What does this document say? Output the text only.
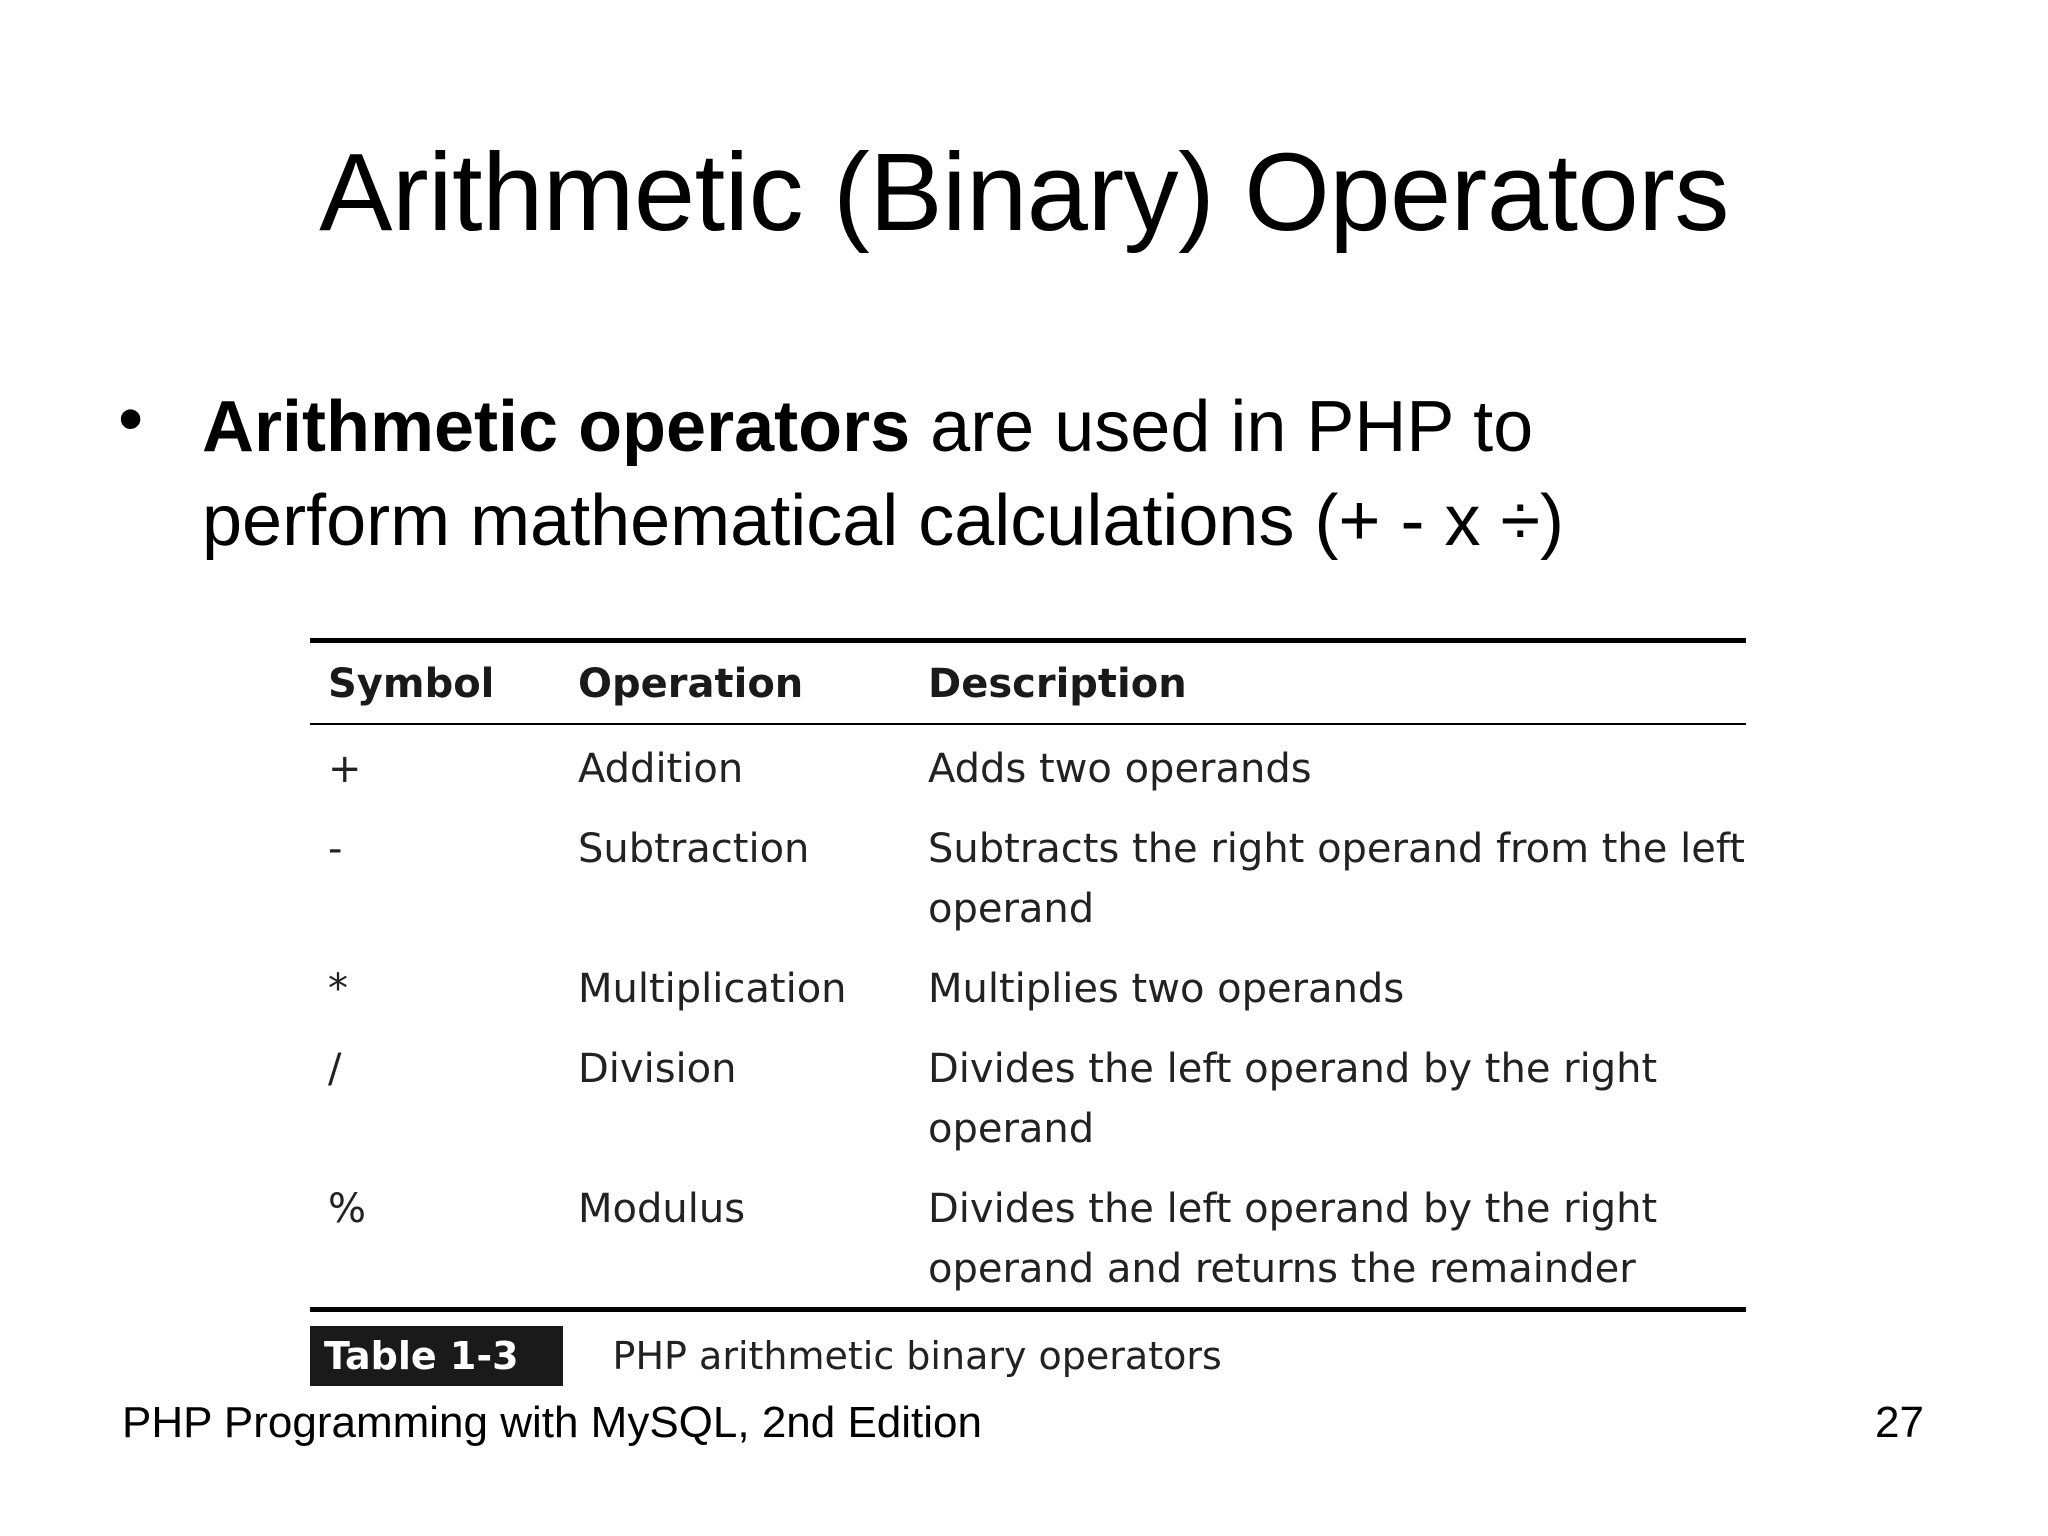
Arithmetic (Binary) Operators
• Arithmetic operators are used in PHP to
perform mathematical calculations (+ - x ÷)
Symbol	Operation	Description
+	Addition	Adds two operands
-	Subtraction	Subtracts the right operand from the left operand
*	Multiplication	Multiplies two operands
/	Division	Divides the left operand by the right operand
%	Modulus	Divides the left operand by the right operand and returns the remainder
Table 1-3	PHP arithmetic binary operators
PHP Programming with MySQL, 2nd Edition	27
